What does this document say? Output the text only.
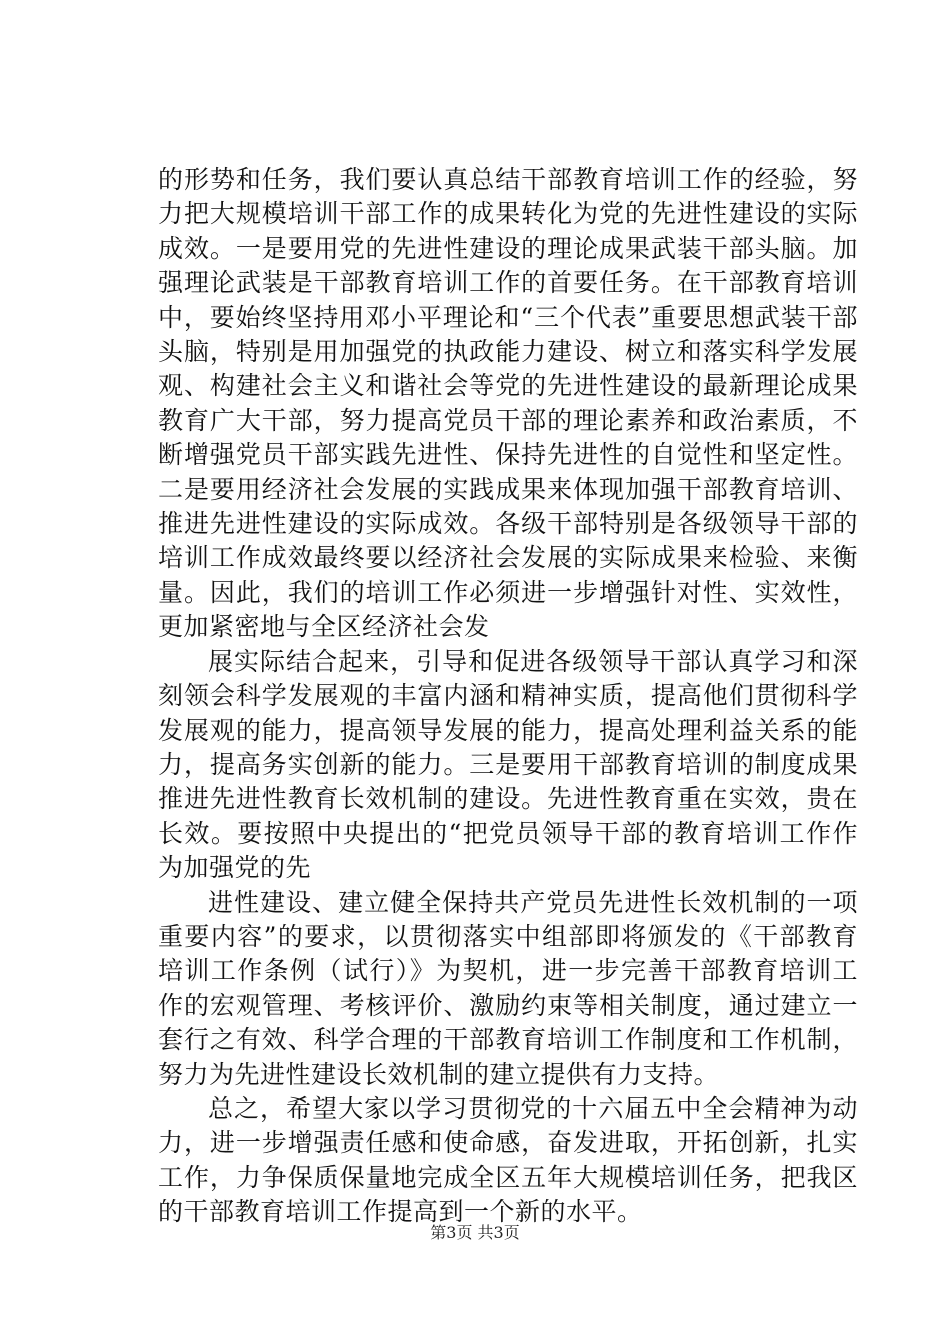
的形势和任务，我们要认真总结干部教育培训工作的经验，努力把大规模培训干部工作的成果转化为党的先进性建设的实际成效。一是要用党的先进性建设的理论成果武装干部头脑。加强理论武装是干部教育培训工作的首要任务。在干部教育培训中，要始终坚持用邓小平理论和“三个代表”重要思想武装干部头脑，特别是用加强党的执政能力建设、树立和落实科学发展观、构建社会主义和谐社会等党的先进性建设的最新理论成果教育广大干部，努力提高党员干部的理论素养和政治素质，不断增强党员干部实践先进性、保持先进性的自觉性和坚定性。二是要用经济社会发展的实践成果来体现加强干部教育培训、推进先进性建设的实际成效。各级干部特别是各级领导干部的培训工作成效最终要以经济社会发展的实际成果来检验、来衡量。因此，我们的培训工作必须进一步增强针对性、实效性，更加紧密地与全区经济社会发

展实际结合起来，引导和促进各级领导干部认真学习和深刻领会科学发展观的丰富内涵和精神实质，提高他们贯彻科学发展观的能力，提高领导发展的能力，提高处理利益关系的能力，提高务实创新的能力。三是要用干部教育培训的制度成果推进先进性教育长效机制的建设。先进性教育重在实效，贵在长效。要按照中央提出的“把党员领导干部的教育培训工作作为加强党的先

进性建设、建立健全保持共产党员先进性长效机制的一项重要内容”的要求，以贯彻落实中组部即将颁发的《干部教育培训工作条例（试行）》为契机，进一步完善干部教育培训工作的宏观管理、考核评价、激励约束等相关制度，通过建立一套行之有效、科学合理的干部教育培训工作制度和工作机制，努力为先进性建设长效机制的建立提供有力支持。

总之，希望大家以学习贯彻党的十六届五中全会精神为动力，进一步增强责任感和使命感，奋发进取，开拓创新，扎实工作，力争保质保量地完成全区五年大规模培训任务，把我区的干部教育培训工作提高到一个新的水平。

第3页 共3页
